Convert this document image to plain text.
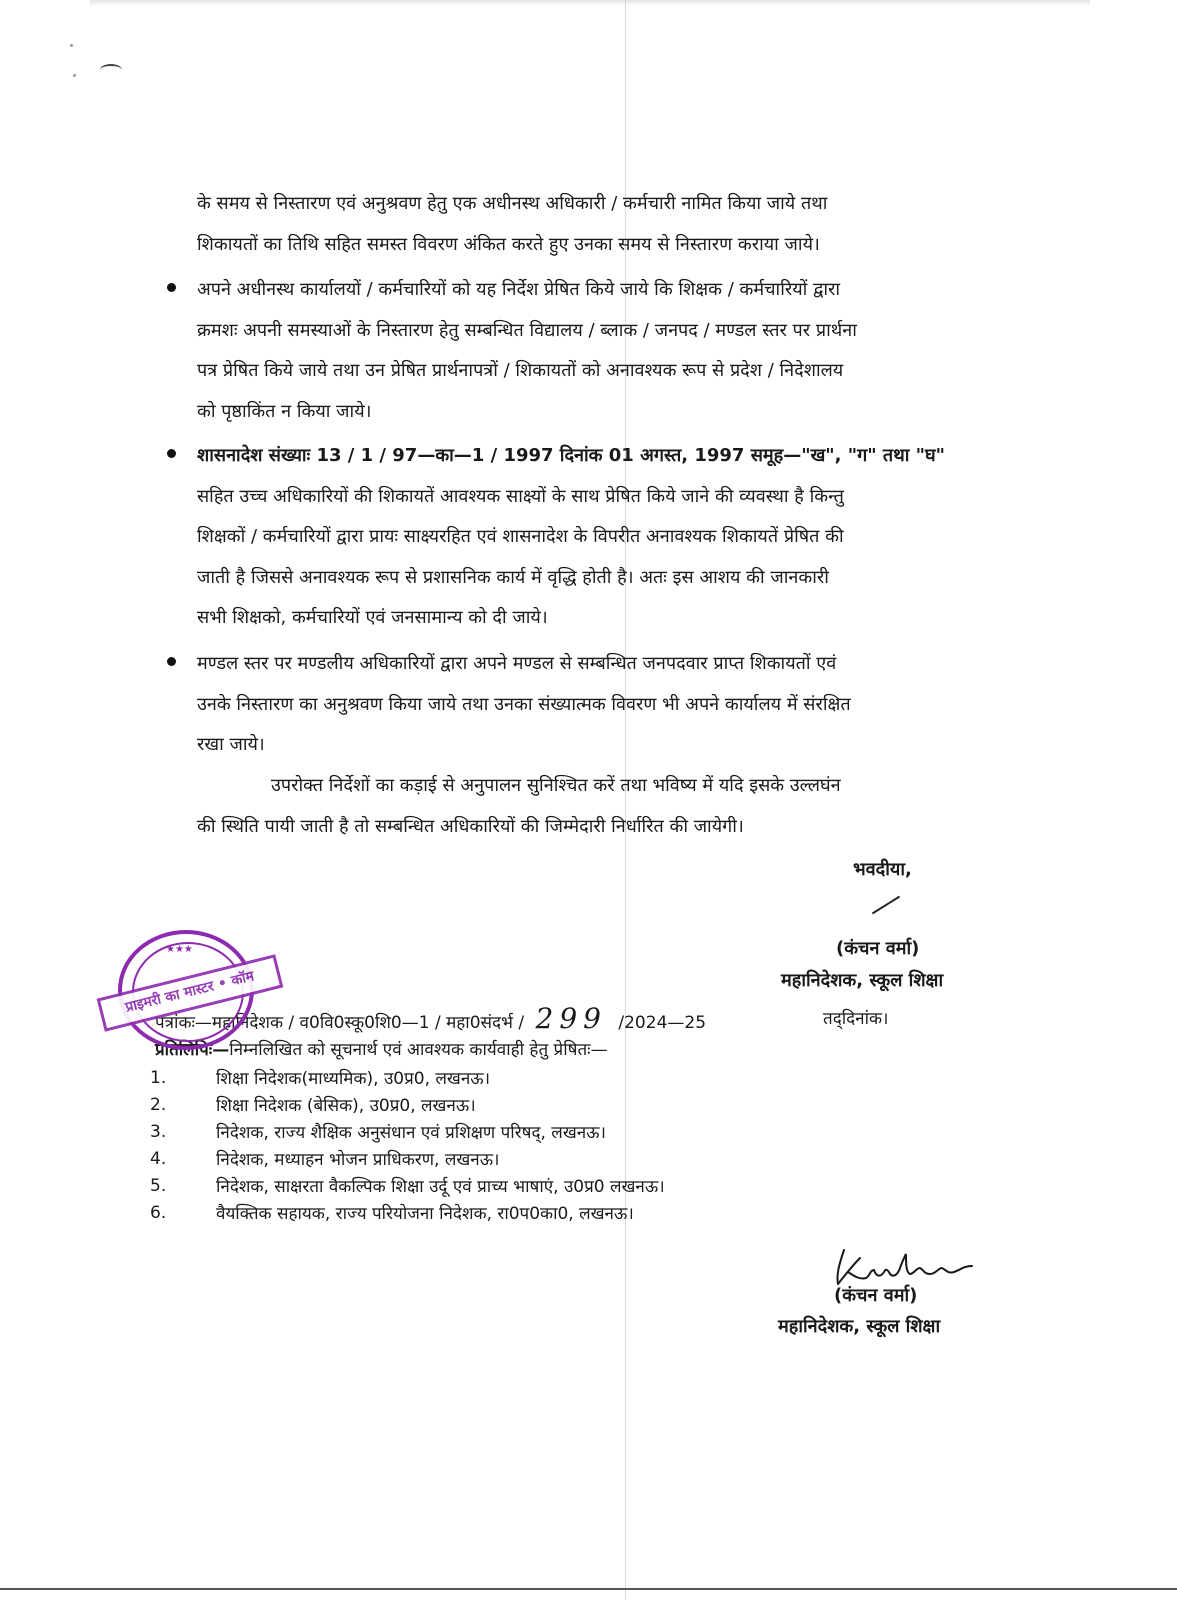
के समय से निस्तारण एवं अनुश्रवण हेतु एक अधीनस्थ अधिकारी / कर्मचारी नामित किया जाये तथा
शिकायतों का तिथि सहित समस्त विवरण अंकित करते हुए उनका समय से निस्तारण कराया जाये।
अपने अधीनस्थ कार्यालयों / कर्मचारियों को यह निर्देश प्रेषित किये जाये कि शिक्षक / कर्मचारियों द्वारा
क्रमशः अपनी समस्याओं के निस्तारण हेतु सम्बन्धित विद्यालय / ब्लाक / जनपद / मण्डल स्तर पर प्रार्थना
पत्र प्रेषित किये जाये तथा उन प्रेषित प्रार्थनापत्रों / शिकायतों को अनावश्यक रूप से प्रदेश / निदेशालय
को पृष्ठाकिंत न किया जाये।
शासनादेश संख्याः 13 / 1 / 97—का—1 / 1997 दिनांक 01 अगस्त, 1997 समूह—"ख", "ग" तथा "घ"
सहित उच्च अधिकारियों की शिकायतें आवश्यक साक्ष्यों के साथ प्रेषित किये जाने की व्यवस्था है किन्तु
शिक्षकों / कर्मचारियों द्वारा प्रायः साक्ष्यरहित एवं शासनादेश के विपरीत अनावश्यक शिकायतें प्रेषित की
जाती है जिससे अनावश्यक रूप से प्रशासनिक कार्य में वृद्धि होती है। अतः इस आशय की जानकारी
सभी शिक्षको, कर्मचारियों एवं जनसामान्य को दी जाये।
मण्डल स्तर पर मण्डलीय अधिकारियों द्वारा अपने मण्डल से सम्बन्धित जनपदवार प्राप्त शिकायतों एवं
उनके निस्तारण का अनुश्रवण किया जाये तथा उनका संख्यात्मक विवरण भी अपने कार्यालय में संरक्षित
रखा जाये।
उपरोक्त निर्देशों का कड़ाई से अनुपालन सुनिश्चित करें तथा भविष्य में यदि इसके उल्लघंन
की स्थिति पायी जाती है तो सम्बन्धित अधिकारियों की जिम्मेदारी निर्धारित की जायेगी।
भवदीया,
(कंचन वर्मा)
महानिदेशक, स्कूल शिक्षा
पत्रांकः—महानिदेशक / व0वि0स्कू0शि0—1 / महा0संदर्भ / 299 /2024—25	तद्‌दिनांक।
प्रतिलिपिः—निम्नलिखित को सूचनार्थ एवं आवश्यक कार्यवाही हेतु प्रेषितः—
1.	शिक्षा निदेशक(माध्यमिक), उ0प्र0, लखनऊ।
2.	शिक्षा निदेशक (बेसिक), उ0प्र0, लखनऊ।
3.	निदेशक, राज्य शैक्षिक अनुसंधान एवं प्रशिक्षण परिषद्, लखनऊ।
4.	निदेशक, मध्याहन भोजन प्राधिकरण, लखनऊ।
5.	निदेशक, साक्षरता वैकल्पिक शिक्षा उर्दू एवं प्राच्य भाषाएं, उ0प्र0 लखनऊ।
6.	वैयक्तिक सहायक, राज्य परियोजना निदेशक, रा0प0का0, लखनऊ।
★★★
प्राइमरी का मास्टर • कॉम
(कंचन वर्मा)
महानिदेशक, स्कूल शिक्षा
